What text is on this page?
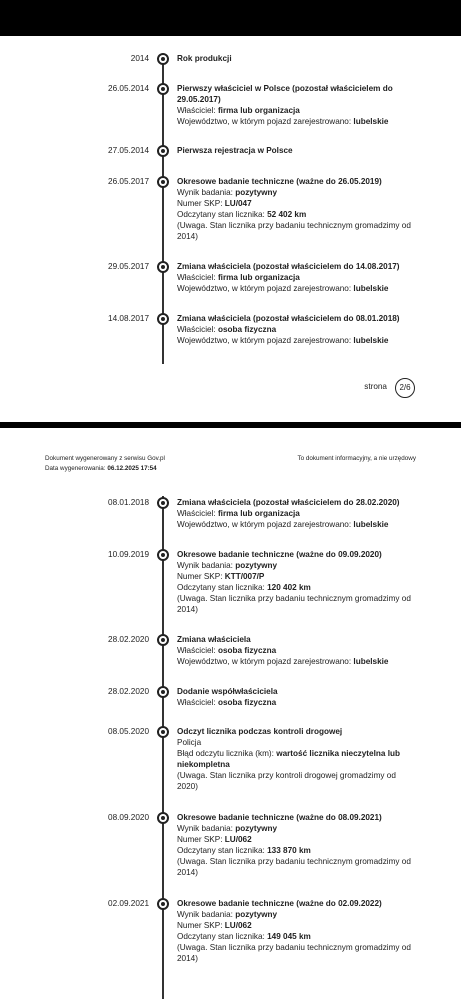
2014	Rok produkcji
26.05.2014	Pierwszy właściciel w Polsce (pozostał właścicielem do 29.05.2017)
Właściciel: firma lub organizacja
Województwo, w którym pojazd zarejestrowano: lubelskie
27.05.2014	Pierwsza rejestracja w Polsce
26.05.2017	Okresowe badanie techniczne (ważne do 26.05.2019)
Wynik badania: pozytywny
Numer SKP: LU/047
Odczytany stan licznika: 52 402 km
(Uwaga. Stan licznika przy badaniu technicznym gromadzimy od 2014)
29.05.2017	Zmiana właściciela (pozostał właścicielem do 14.08.2017)
Właściciel: firma lub organizacja
Województwo, w którym pojazd zarejestrowano: lubelskie
14.08.2017	Zmiana właściciela (pozostał właścicielem do 08.01.2018)
Właściciel: osoba fizyczna
Województwo, w którym pojazd zarejestrowano: lubelskie
strona	2/6
Dokument wygenerowany z serwisu Gov.pl
Data wygenerowania: 06.12.2025 17:54
To dokument informacyjny, a nie urzędowy
08.01.2018	Zmiana właściciela (pozostał właścicielem do 28.02.2020)
Właściciel: firma lub organizacja
Województwo, w którym pojazd zarejestrowano: lubelskie
10.09.2019	Okresowe badanie techniczne (ważne do 09.09.2020)
Wynik badania: pozytywny
Numer SKP: KTT/007/P
Odczytany stan licznika: 120 402 km
(Uwaga. Stan licznika przy badaniu technicznym gromadzimy od 2014)
28.02.2020	Zmiana właściciela
Właściciel: osoba fizyczna
Województwo, w którym pojazd zarejestrowano: lubelskie
28.02.2020	Dodanie współwłaściciela
Właściciel: osoba fizyczna
08.05.2020	Odczyt licznika podczas kontroli drogowej
Policja
Błąd odczytu licznika (km): wartość licznika nieczytelna lub niekompletna
(Uwaga. Stan licznika przy kontroli drogowej gromadzimy od 2020)
08.09.2020	Okresowe badanie techniczne (ważne do 08.09.2021)
Wynik badania: pozytywny
Numer SKP: LU/062
Odczytany stan licznika: 133 870 km
(Uwaga. Stan licznika przy badaniu technicznym gromadzimy od 2014)
02.09.2021	Okresowe badanie techniczne (ważne do 02.09.2022)
Wynik badania: pozytywny
Numer SKP: LU/062
Odczytany stan licznika: 149 045 km
(Uwaga. Stan licznika przy badaniu technicznym gromadzimy od 2014)
